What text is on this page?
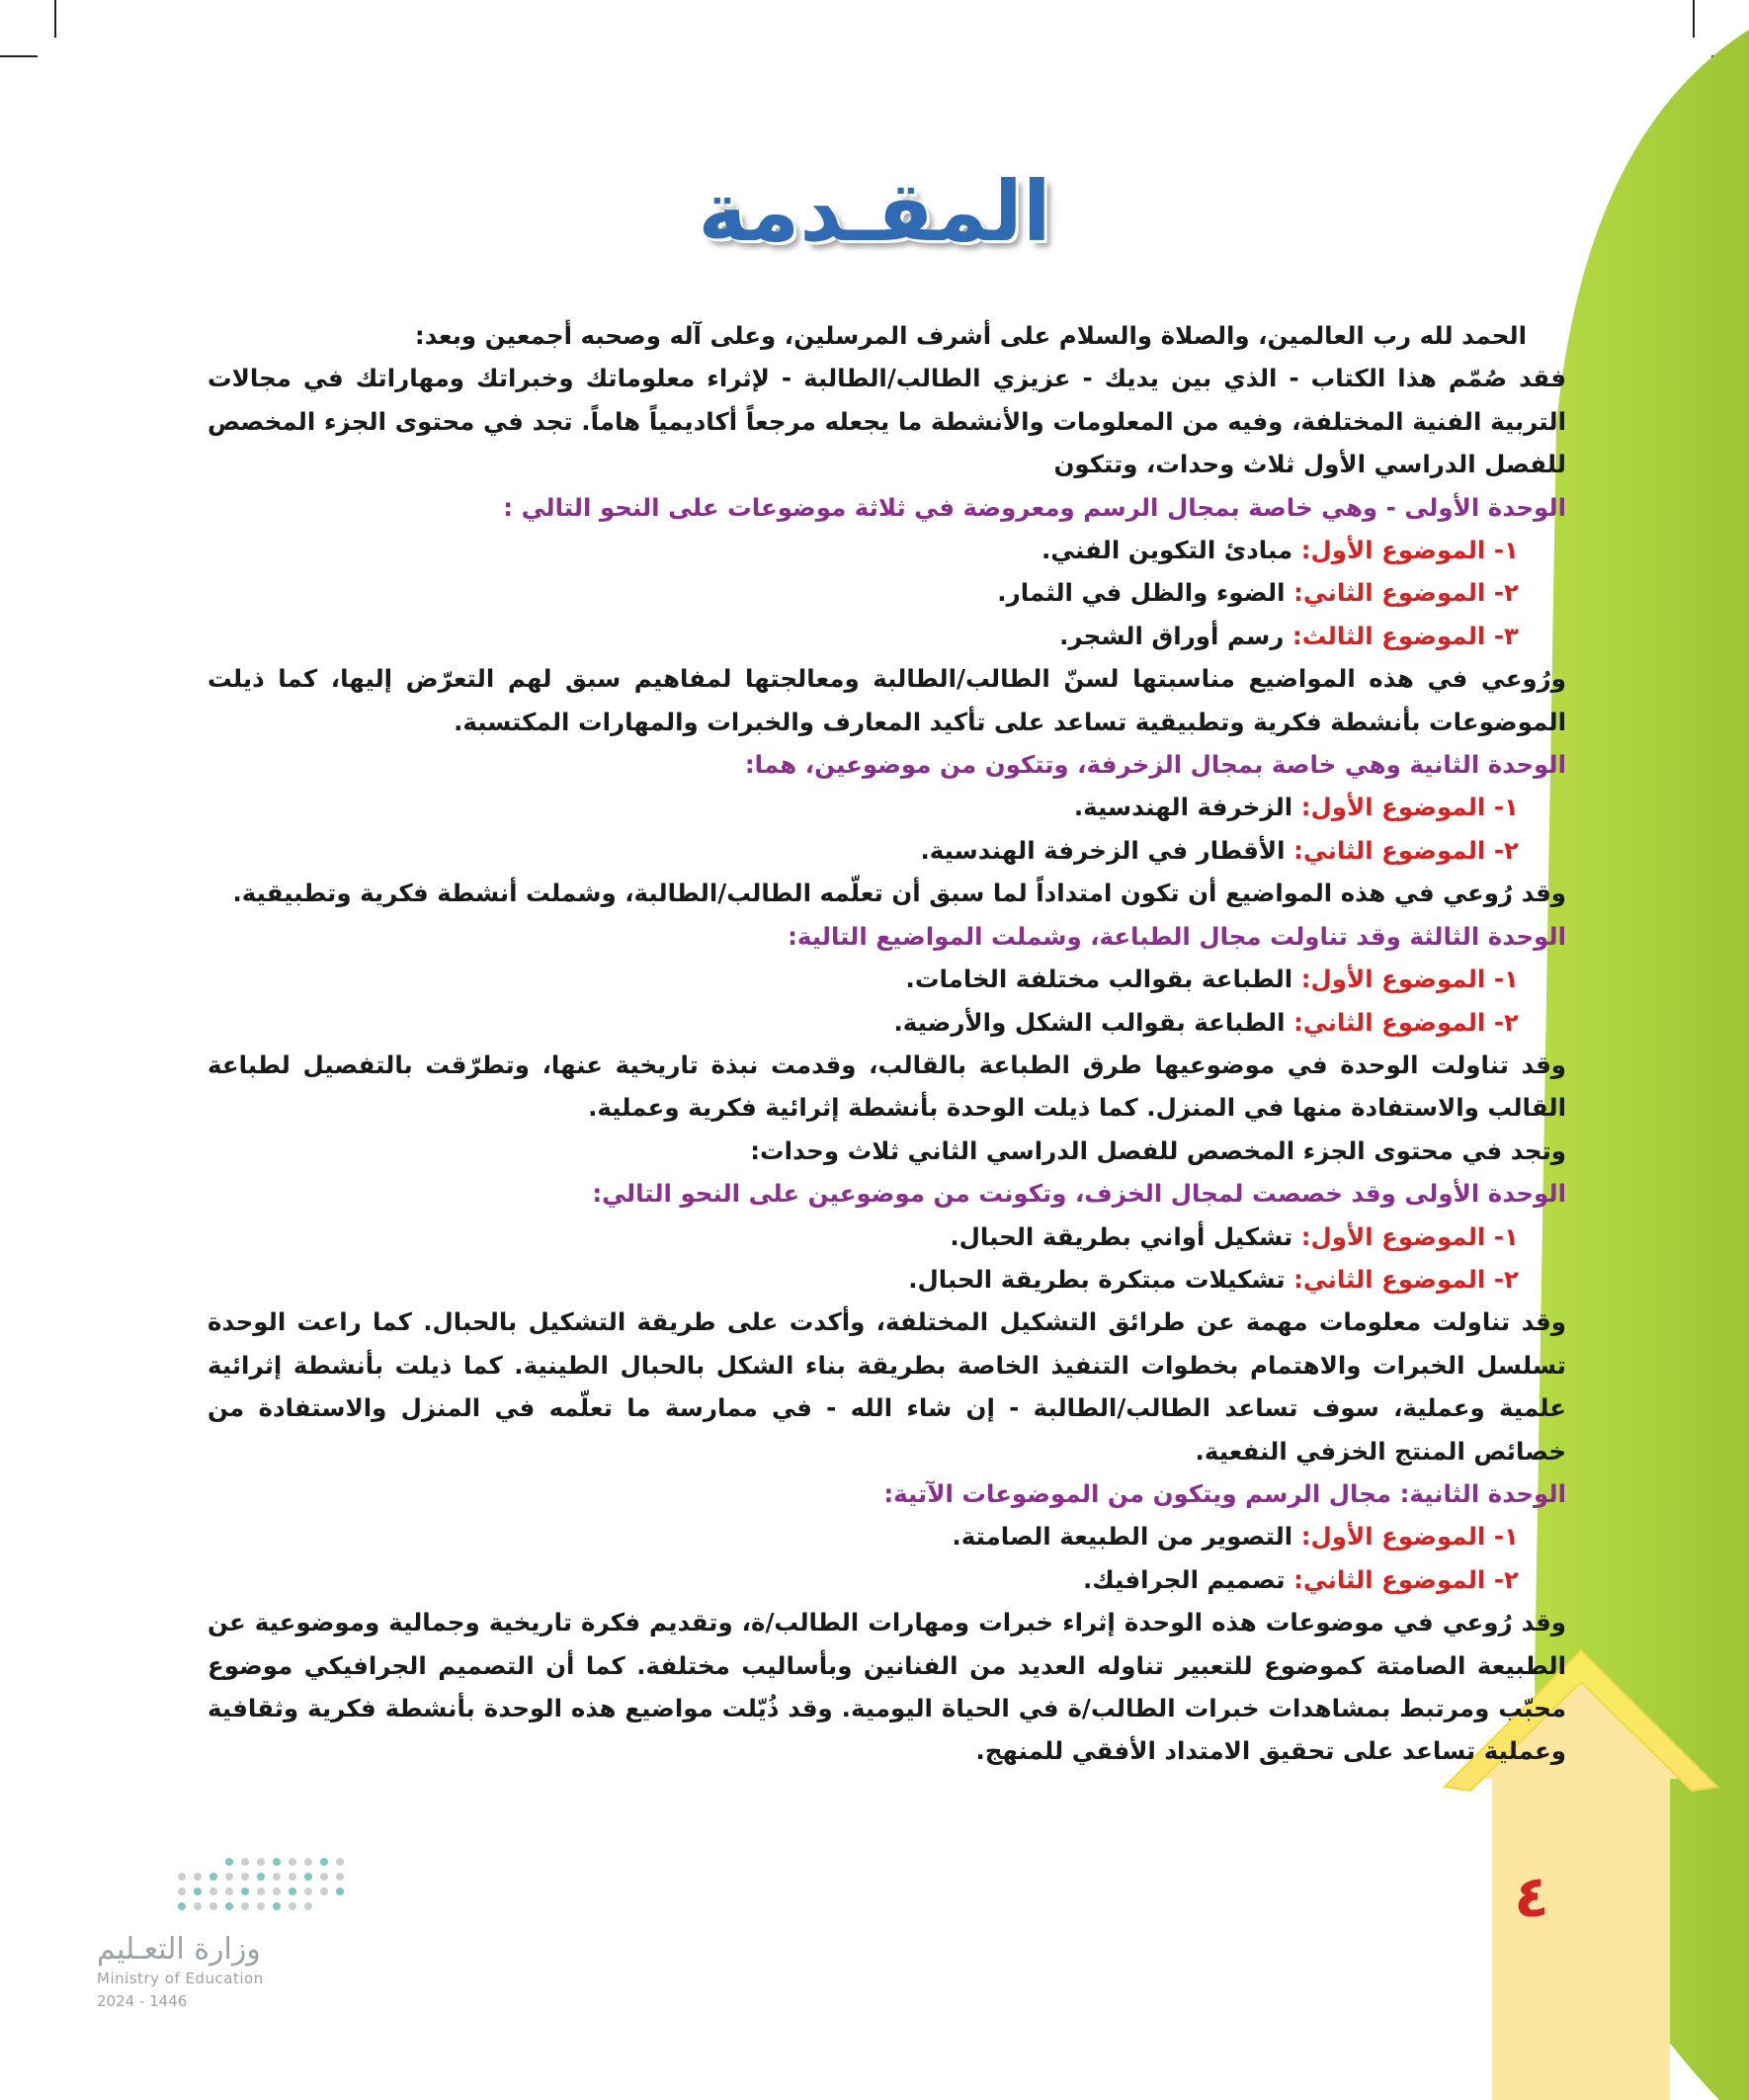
المقـدمة

الحمد لله رب العالمين، والصلاة والسلام على أشرف المرسلين، وعلى آله وصحبه أجمعين وبعد:

فقد صُمّم هذا الكتاب - الذي بين يديك - عزيزي الطالب/الطالبة - لإثراء معلوماتك وخبراتك ومهاراتك في مجالات التربية الفنية المختلفة، وفيه من المعلومات والأنشطة ما يجعله مرجعاً أكاديمياً هاماً. تجد في محتوى الجزء المخصص للفصل الدراسي الأول ثلاث وحدات، وتتكون

الوحدة الأولى - وهي خاصة بمجال الرسم ومعروضة في ثلاثة موضوعات على النحو التالي :

١- الموضوع الأول: مبادئ التكوين الفني.

٢- الموضوع الثاني: الضوء والظل في الثمار.

٣- الموضوع الثالث: رسم أوراق الشجر.

ورُوعي في هذه المواضيع مناسبتها لسنّ الطالب/الطالبة ومعالجتها لمفاهيم سبق لهم التعرّض إليها، كما ذيلت الموضوعات بأنشطة فكرية وتطبيقية تساعد على تأكيد المعارف والخبرات والمهارات المكتسبة.

الوحدة الثانية وهي خاصة بمجال الزخرفة، وتتكون من موضوعين، هما:

١- الموضوع الأول: الزخرفة الهندسية.

٢- الموضوع الثاني: الأقطار في الزخرفة الهندسية.

وقد رُوعي في هذه المواضيع أن تكون امتداداً لما سبق أن تعلّمه الطالب/الطالبة، وشملت أنشطة فكرية وتطبيقية.

الوحدة الثالثة وقد تناولت مجال الطباعة، وشملت المواضيع التالية:

١- الموضوع الأول: الطباعة بقوالب مختلفة الخامات.

٢- الموضوع الثاني: الطباعة بقوالب الشكل والأرضية.

وقد تناولت الوحدة في موضوعيها طرق الطباعة بالقالب، وقدمت نبذة تاريخية عنها، وتطرّقت بالتفصيل لطباعة القالب والاستفادة منها في المنزل. كما ذيلت الوحدة بأنشطة إثرائية فكرية وعملية.

وتجد في محتوى الجزء المخصص للفصل الدراسي الثاني ثلاث وحدات:

الوحدة الأولى وقد خصصت لمجال الخزف، وتكونت من موضوعين على النحو التالي:

١- الموضوع الأول: تشكيل أواني بطريقة الحبال.

٢- الموضوع الثاني: تشكيلات مبتكرة بطريقة الحبال.

وقد تناولت معلومات مهمة عن طرائق التشكيل المختلفة، وأكدت على طريقة التشكيل بالحبال. كما راعت الوحدة تسلسل الخبرات والاهتمام بخطوات التنفيذ الخاصة بطريقة بناء الشكل بالحبال الطينية. كما ذيلت بأنشطة إثرائية علمية وعملية، سوف تساعد الطالب/الطالبة - إن شاء الله - في ممارسة ما تعلّمه في المنزل والاستفادة من خصائص المنتج الخزفي النفعية.

الوحدة الثانية: مجال الرسم ويتكون من الموضوعات الآتية:

١- الموضوع الأول: التصوير من الطبيعة الصامتة.

٢- الموضوع الثاني: تصميم الجرافيك.

وقد رُوعي في موضوعات هذه الوحدة إثراء خبرات ومهارات الطالب/ة، وتقديم فكرة تاريخية وجمالية وموضوعية عن الطبيعة الصامتة كموضوع للتعبير تناوله العديد من الفنانين وبأساليب مختلفة. كما أن التصميم الجرافيكي موضوع محبّب ومرتبط بمشاهدات خبرات الطالب/ة في الحياة اليومية. وقد ذُيّلت مواضيع هذه الوحدة بأنشطة فكرية وثقافية وعملية تساعد على تحقيق الامتداد الأفقي للمنهج.

٤
وزارة التعـليم
Ministry of Education
2024 - 1446
